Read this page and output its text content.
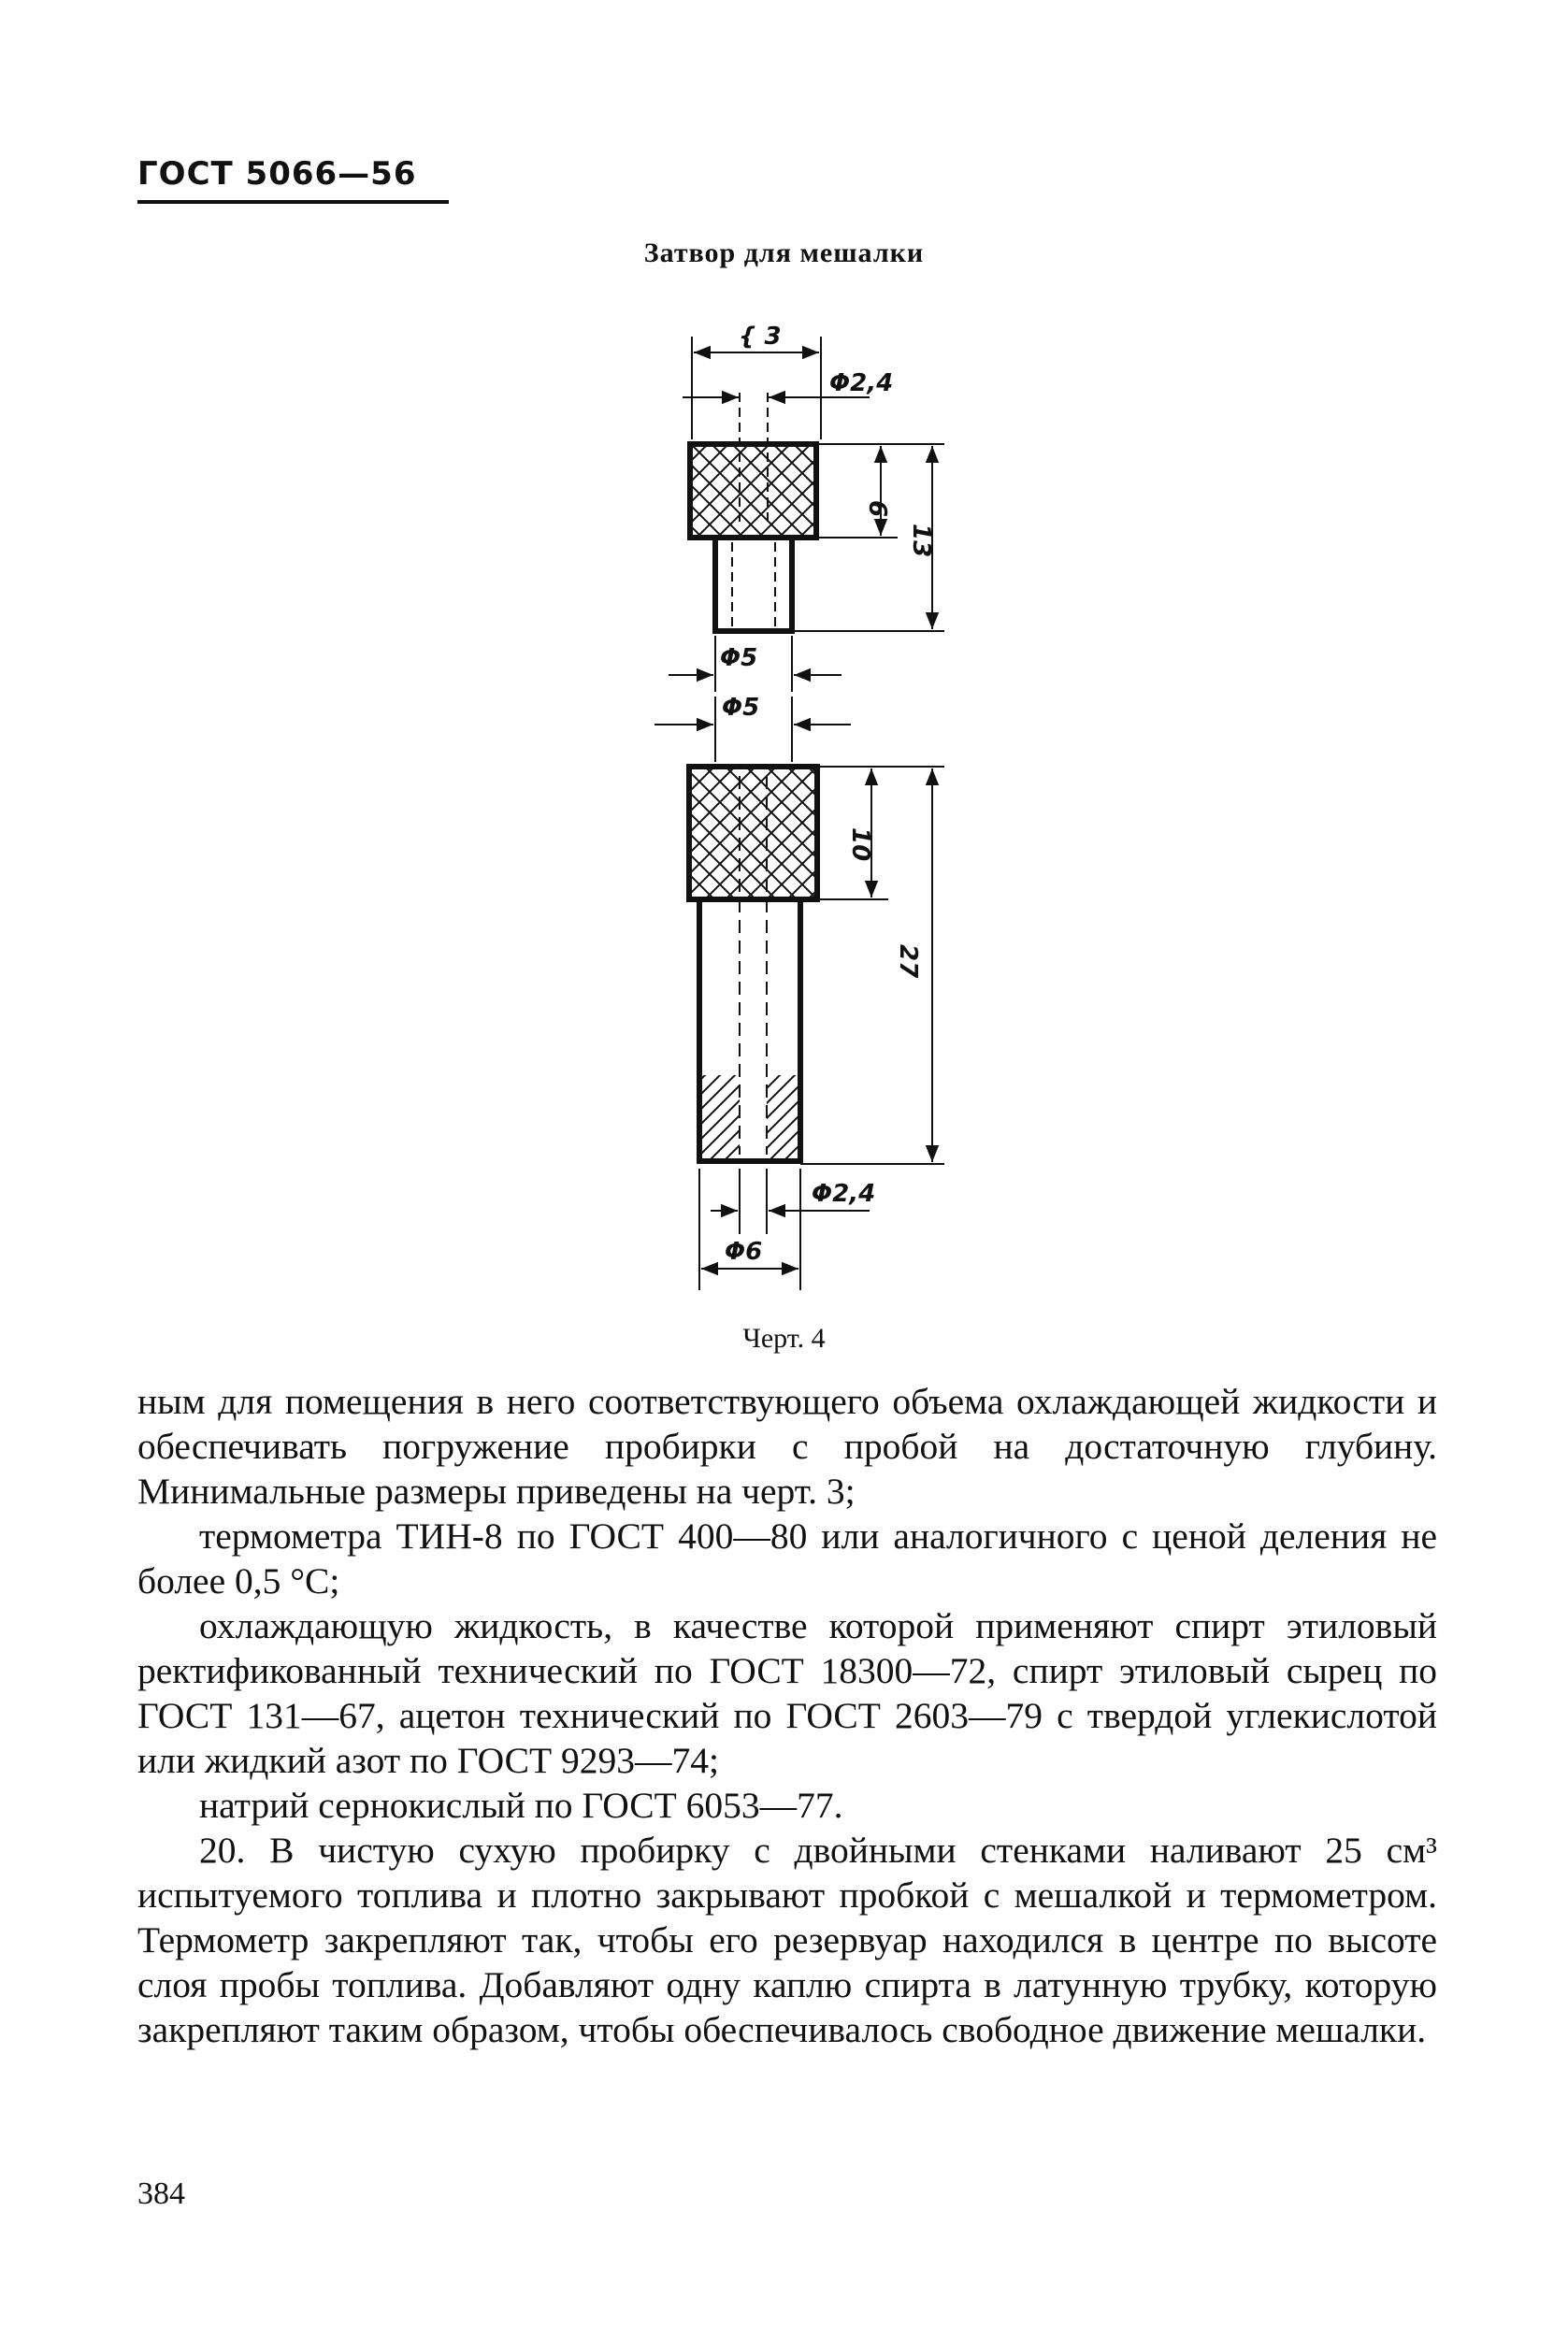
ГОСТ 5066—56
Затвор для мешалки
{ 3
Φ2,4
6
13
Φ5
Φ5
10
27
Φ2,4
Φ6
Черт. 4

ным для помещения в него соответствующего объема охлаждающей жидкости и обеспечивать погружение пробирки с пробой на достаточную глубину. Минимальные размеры приведены на черт. 3;

термометра ТИН-8 по ГОСТ 400—80 или аналогичного с ценой деления не более 0,5 °С;

охлаждающую жидкость, в качестве которой применяют спирт этиловый ректификованный технический по ГОСТ 18300—72, спирт этиловый сырец по ГОСТ 131—67, ацетон технический по ГОСТ 2603—79 с твердой углекислотой или жидкий азот по ГОСТ 9293—74;

натрий сернокислый по ГОСТ 6053—77.

20. В чистую сухую пробирку с двойными стенками наливают 25 см³ испытуемого топлива и плотно закрывают пробкой с мешалкой и термометром. Термометр закрепляют так, чтобы его резервуар находился в центре по высоте слоя пробы топлива. Добавляют одну каплю спирта в латунную трубку, которую закрепляют таким образом, чтобы обеспечивалось свободное движение мешалки.

384
